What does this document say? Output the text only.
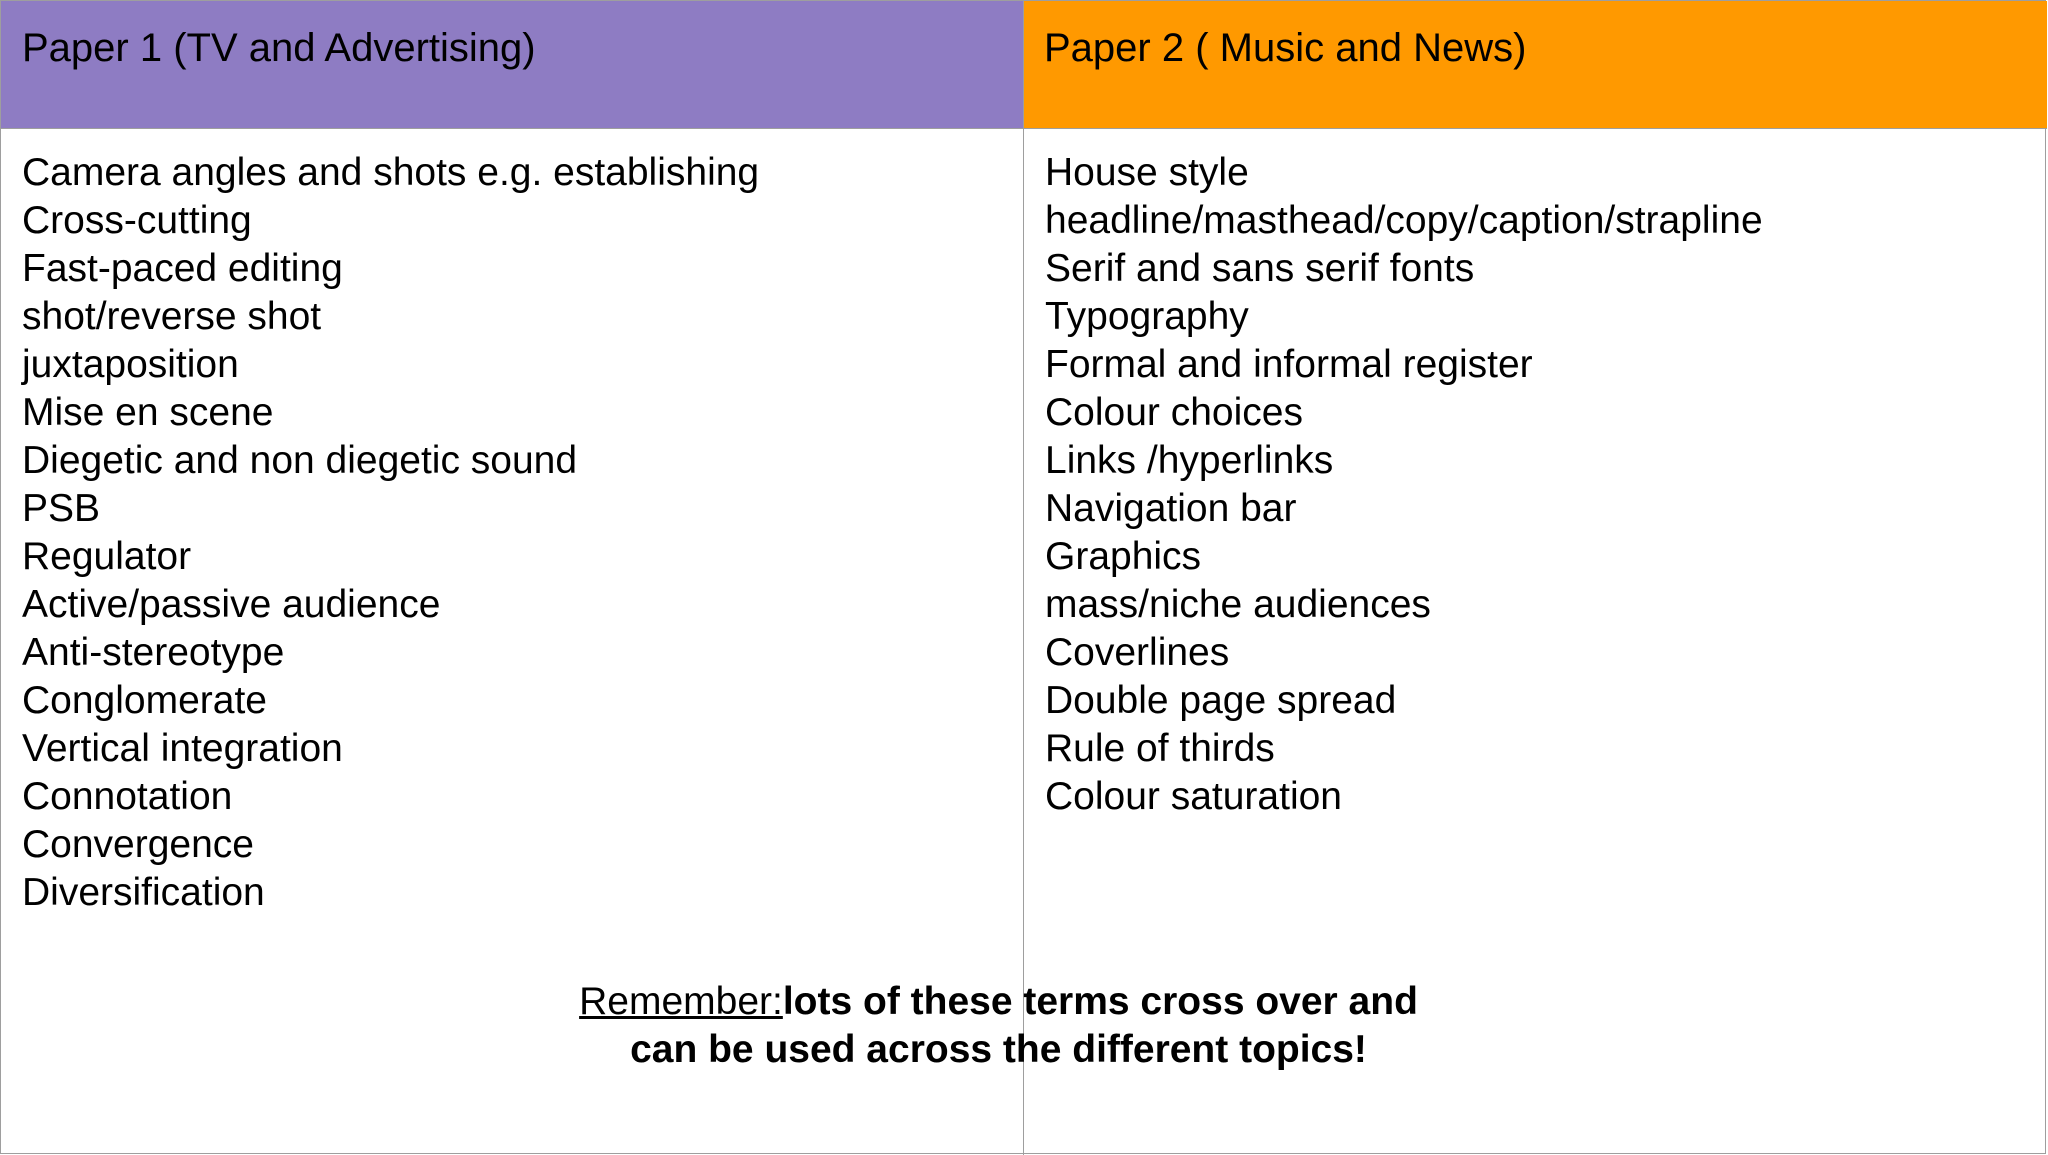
Paper 1 (TV and Advertising)	Paper 2 ( Music and News)
Camera angles and shots e.g. establishing
Cross-cutting
Fast-paced editing
shot/reverse shot
juxtaposition
Mise en scene
Diegetic and non diegetic sound
PSB
Regulator
Active/passive audience
Anti-stereotype
Conglomerate
Vertical integration
Connotation
Convergence
Diversification
House style
headline/masthead/copy/caption/strapline
Serif and sans serif fonts
Typography
Formal and informal register
Colour choices
Links /hyperlinks
Navigation bar
Graphics
mass/niche audiences
Coverlines
Double page spread
Rule of thirds
Colour saturation
Remember:lots of these terms cross over and can be used across the different topics!
